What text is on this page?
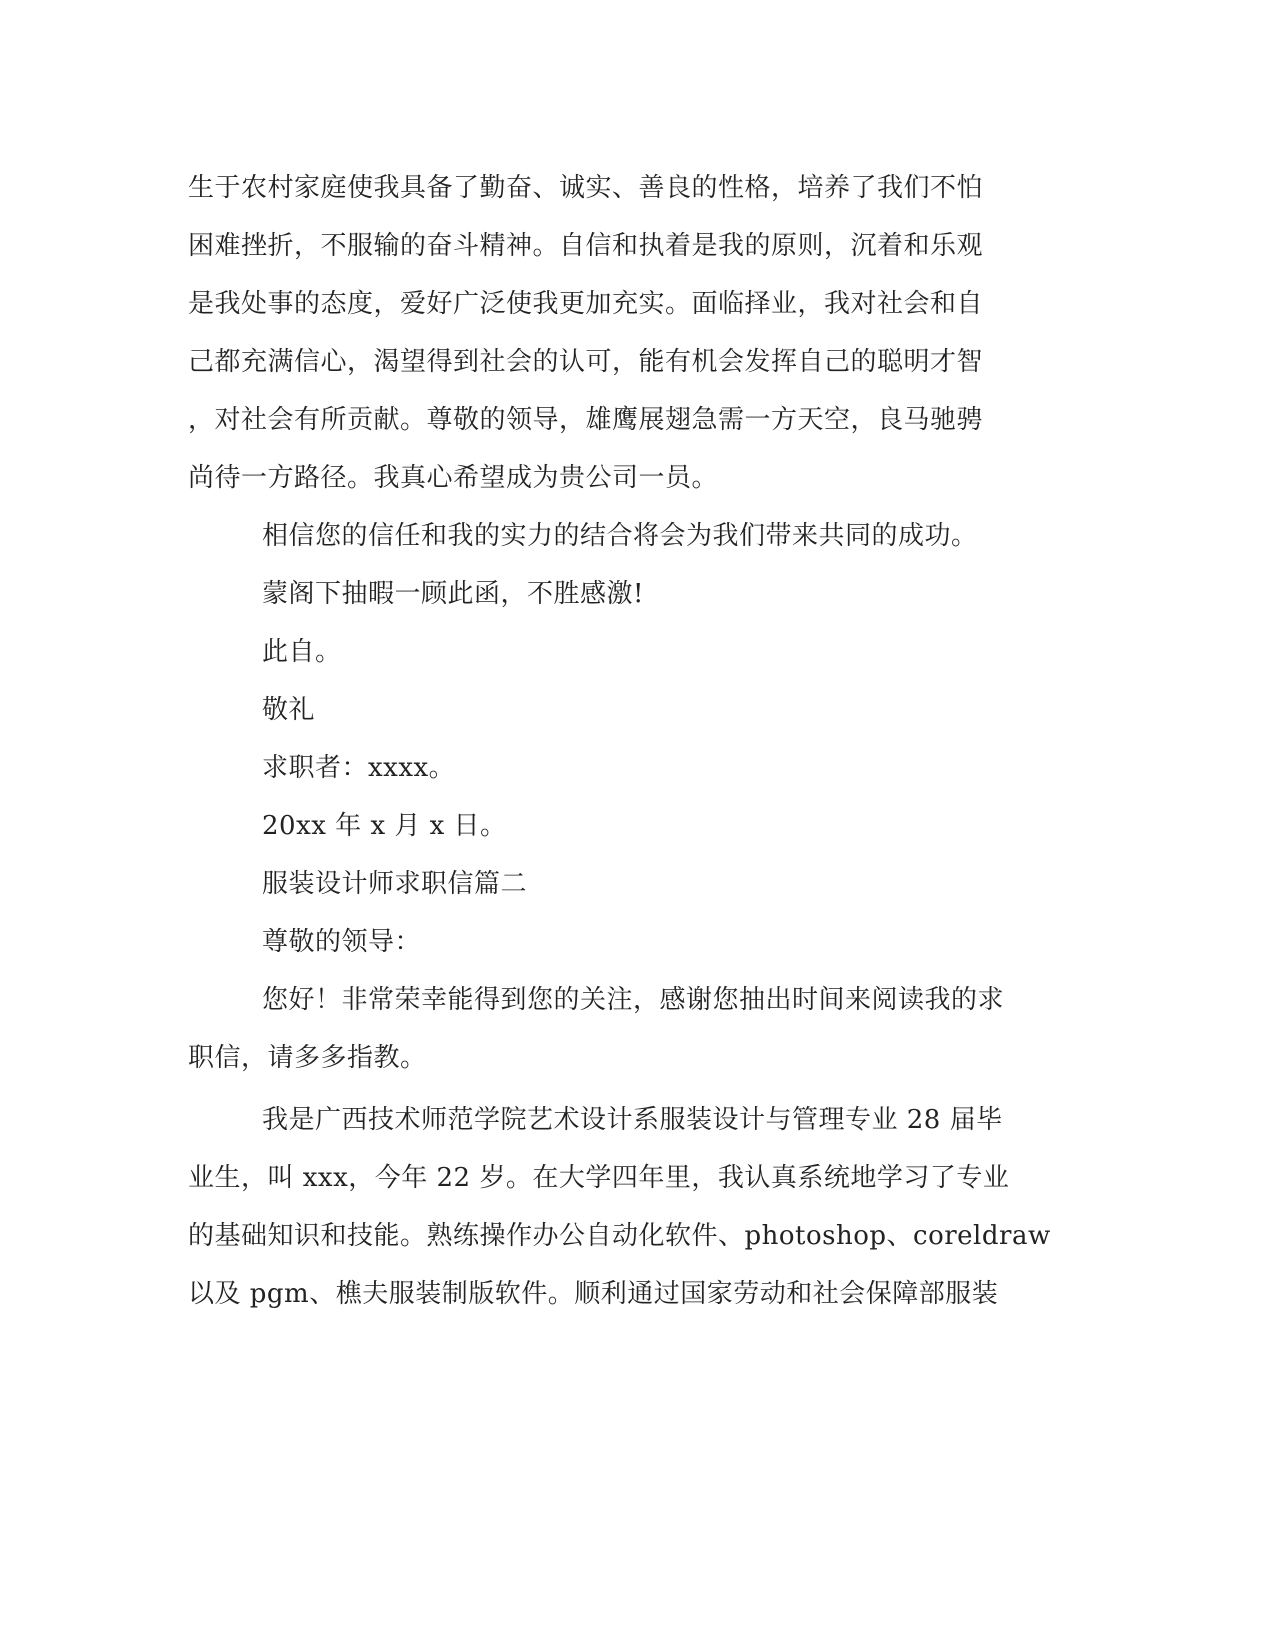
生于农村家庭使我具备了勤奋、诚实、善良的性格，培养了我们不怕
困难挫折，不服输的奋斗精神。自信和执着是我的原则，沉着和乐观
是我处事的态度，爱好广泛使我更加充实。面临择业，我对社会和自
己都充满信心，渴望得到社会的认可，能有机会发挥自己的聪明才智
，对社会有所贡献。尊敬的领导，雄鹰展翅急需一方天空，良马驰骋
尚待一方路径。我真心希望成为贵公司一员。
相信您的信任和我的实力的结合将会为我们带来共同的成功。
蒙阁下抽暇一顾此函，不胜感激!
此自。
敬礼
求职者：xxxx。
20xx 年 x 月 x 日。
服装设计师求职信篇二
尊敬的领导：
您好！非常荣幸能得到您的关注，感谢您抽出时间来阅读我的求
职信，请多多指教。
我是广西技术师范学院艺术设计系服装设计与管理专业 28 届毕
业生，叫 xxx，今年 22 岁。在大学四年里，我认真系统地学习了专业
的基础知识和技能。熟练操作办公自动化软件、photoshop、coreldraw
以及 pgm、樵夫服装制版软件。顺利通过国家劳动和社会保障部服装
